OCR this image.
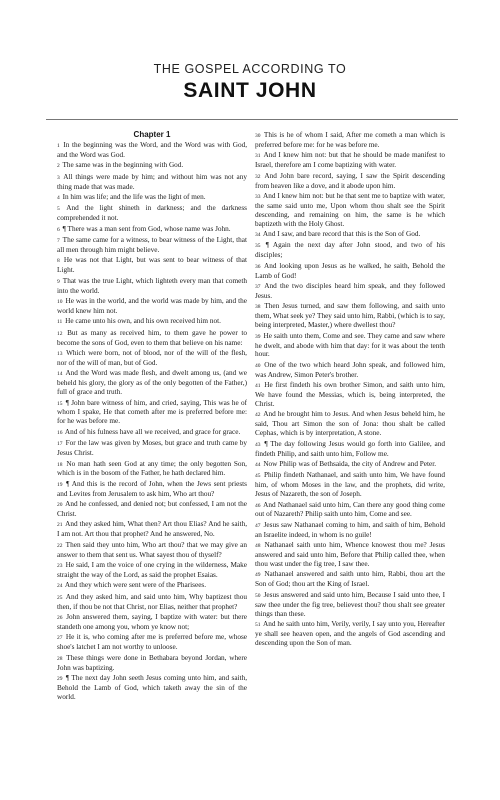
THE GOSPEL ACCORDING TO
SAINT JOHN
Chapter 1
1 In the beginning was the Word, and the Word was with God, and the Word was God.
2 The same was in the beginning with God.
3 All things were made by him; and without him was not any thing made that was made.
4 In him was life; and the life was the light of men.
5 And the light shineth in darkness; and the darkness comprehended it not.
6 ¶ There was a man sent from God, whose name was John.
7 The same came for a witness, to bear witness of the Light, that all men through him might believe.
8 He was not that Light, but was sent to bear witness of that Light.
9 That was the true Light, which lighteth every man that cometh into the world.
10 He was in the world, and the world was made by him, and the world knew him not.
11 He came unto his own, and his own received him not.
12 But as many as received him, to them gave he power to become the sons of God, even to them that believe on his name:
13 Which were born, not of blood, nor of the will of the flesh, nor of the will of man, but of God.
14 And the Word was made flesh, and dwelt among us, (and we beheld his glory, the glory as of the only begotten of the Father,) full of grace and truth.
15 ¶ John bare witness of him, and cried, saying, This was he of whom I spake, He that cometh after me is preferred before me: for he was before me.
16 And of his fulness have all we received, and grace for grace.
17 For the law was given by Moses, but grace and truth came by Jesus Christ.
18 No man hath seen God at any time; the only begotten Son, which is in the bosom of the Father, he hath declared him.
19 ¶ And this is the record of John, when the Jews sent priests and Levites from Jerusalem to ask him, Who art thou?
20 And he confessed, and denied not; but confessed, I am not the Christ.
21 And they asked him, What then? Art thou Elias? And he saith, I am not. Art thou that prophet? And he answered, No.
22 Then said they unto him, Who art thou? that we may give an answer to them that sent us. What sayest thou of thyself?
23 He said, I am the voice of one crying in the wilderness, Make straight the way of the Lord, as said the prophet Esaias.
24 And they which were sent were of the Pharisees.
25 And they asked him, and said unto him, Why baptizest thou then, if thou be not that Christ, nor Elias, neither that prophet?
26 John answered them, saying, I baptize with water: but there standeth one among you, whom ye know not;
27 He it is, who coming after me is preferred before me, whose shoe's latchet I am not worthy to unloose.
28 These things were done in Bethabara beyond Jordan, where John was baptizing.
29 ¶ The next day John seeth Jesus coming unto him, and saith, Behold the Lamb of God, which taketh away the sin of the world.
30 This is he of whom I said, After me cometh a man which is preferred before me: for he was before me.
31 And I knew him not: but that he should be made manifest to Israel, therefore am I come baptizing with water.
32 And John bare record, saying, I saw the Spirit descending from heaven like a dove, and it abode upon him.
33 And I knew him not: but he that sent me to baptize with water, the same said unto me, Upon whom thou shalt see the Spirit descending, and remaining on him, the same is he which baptizeth with the Holy Ghost.
34 And I saw, and bare record that this is the Son of God.
35 ¶ Again the next day after John stood, and two of his disciples;
36 And looking upon Jesus as he walked, he saith, Behold the Lamb of God!
37 And the two disciples heard him speak, and they followed Jesus.
38 Then Jesus turned, and saw them following, and saith unto them, What seek ye? They said unto him, Rabbi, (which is to say, being interpreted, Master,) where dwellest thou?
39 He saith unto them, Come and see. They came and saw where he dwelt, and abode with him that day: for it was about the tenth hour.
40 One of the two which heard John speak, and followed him, was Andrew, Simon Peter's brother.
41 He first findeth his own brother Simon, and saith unto him, We have found the Messias, which is, being interpreted, the Christ.
42 And he brought him to Jesus. And when Jesus beheld him, he said, Thou art Simon the son of Jona: thou shalt be called Cephas, which is by interpretation, A stone.
43 ¶ The day following Jesus would go forth into Galilee, and findeth Philip, and saith unto him, Follow me.
44 Now Philip was of Bethsaida, the city of Andrew and Peter.
45 Philip findeth Nathanael, and saith unto him, We have found him, of whom Moses in the law, and the prophets, did write, Jesus of Nazareth, the son of Joseph.
46 And Nathanael said unto him, Can there any good thing come out of Nazareth? Philip saith unto him, Come and see.
47 Jesus saw Nathanael coming to him, and saith of him, Behold an Israelite indeed, in whom is no guile!
48 Nathanael saith unto him, Whence knowest thou me? Jesus answered and said unto him, Before that Philip called thee, when thou wast under the fig tree, I saw thee.
49 Nathanael answered and saith unto him, Rabbi, thou art the Son of God; thou art the King of Israel.
50 Jesus answered and said unto him, Because I said unto thee, I saw thee under the fig tree, believest thou? thou shalt see greater things than these.
51 And he saith unto him, Verily, verily, I say unto you, Hereafter ye shall see heaven open, and the angels of God ascending and descending upon the Son of man.
